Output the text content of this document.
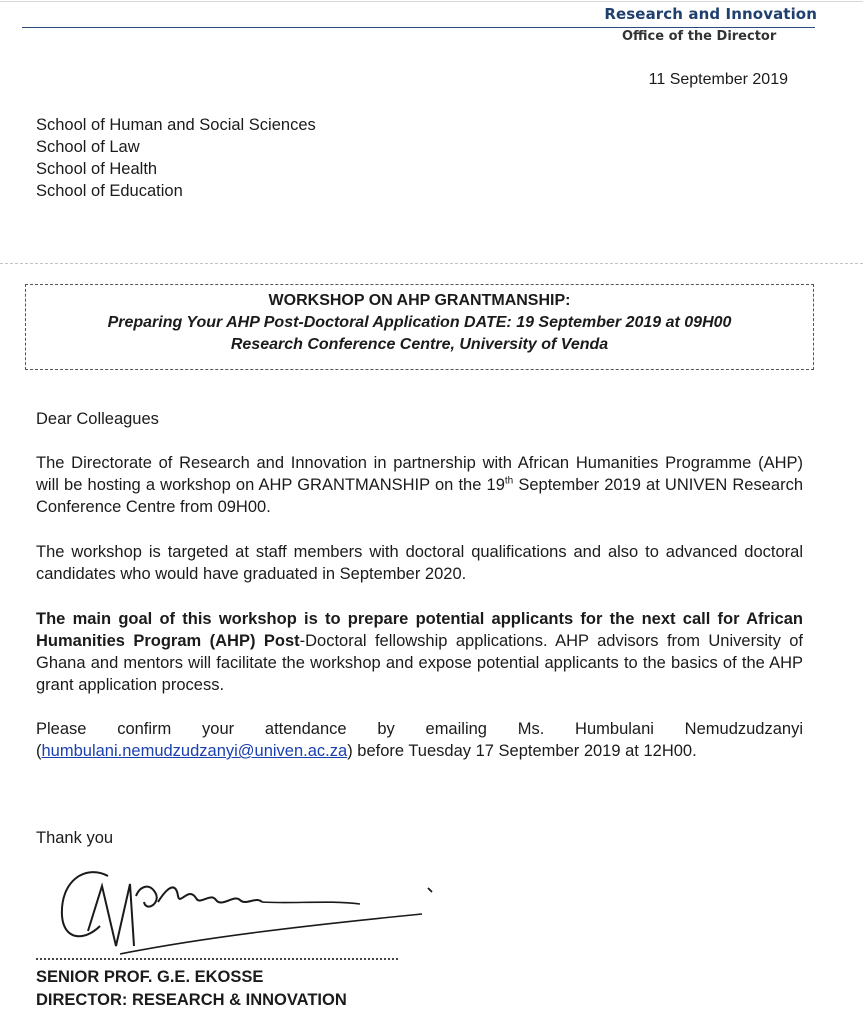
Research and Innovation
Office of the Director
11 September 2019
School of Human and Social Sciences
School of Law
School of Health
School of Education
WORKSHOP ON AHP GRANTMANSHIP:
Preparing Your AHP Post-Doctoral Application DATE: 19 September 2019 at 09H00
Research Conference Centre, University of Venda
Dear Colleagues
The Directorate of Research and Innovation in partnership with African Humanities Programme (AHP) will be hosting a workshop on AHP GRANTMANSHIP on the 19th September 2019 at UNIVEN Research Conference Centre from 09H00.
The workshop is targeted at staff members with doctoral qualifications and also to advanced doctoral candidates who would have graduated in September 2020.
The main goal of this workshop is to prepare potential applicants for the next call for African Humanities Program (AHP) Post-Doctoral fellowship applications. AHP advisors from University of Ghana and mentors will facilitate the workshop and expose potential applicants to the basics of the AHP grant application process.
Please confirm your attendance by emailing Ms. Humbulani Nemudzudzanyi (humbulani.nemudzudzanyi@univen.ac.za) before Tuesday 17 September 2019 at 12H00.
Thank you
SENIOR PROF. G.E. EKOSSE
DIRECTOR: RESEARCH & INNOVATION
